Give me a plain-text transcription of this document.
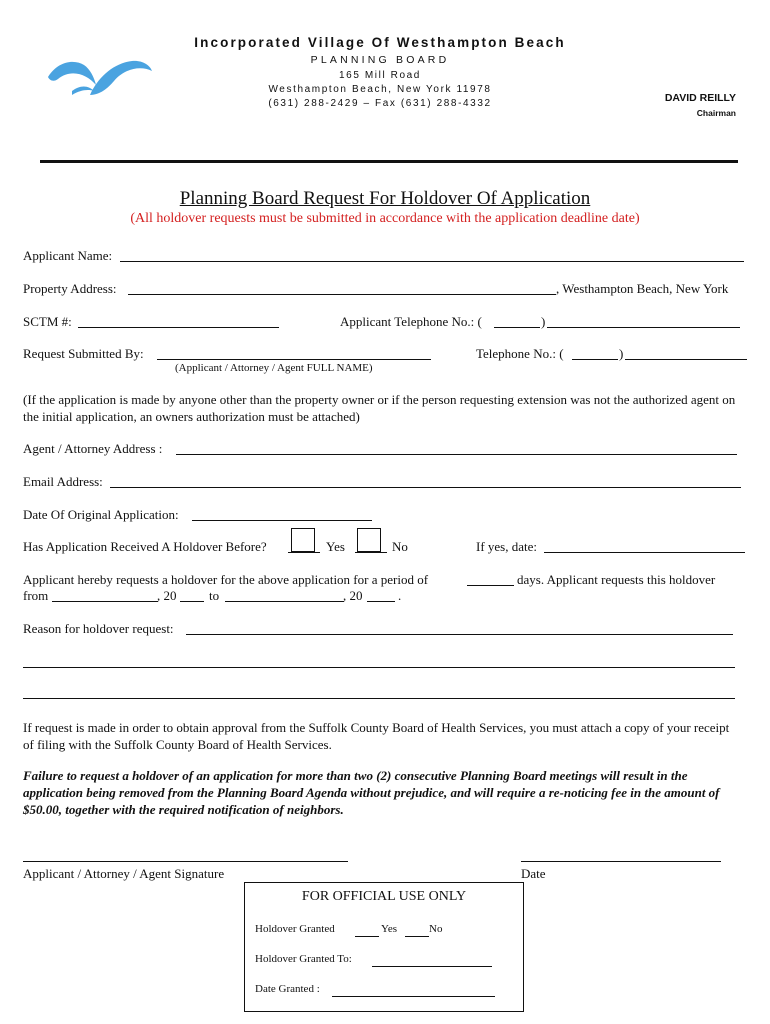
Incorporated Village Of Westhampton Beach
PLANNING BOARD
165 Mill Road
Westhampton Beach, New York 11978
(631) 288-2429 – Fax (631) 288-4332	DAVID REILLY
Chairman
Planning Board Request For Holdover Of Application
(All holdover requests must be submitted in accordance with the application deadline date)
Applicant Name:
Property Address:	, Westhampton Beach, New York
SCTM #:	Applicant Telephone No.: (	)
Request Submitted By:	Telephone No.: (	)
(Applicant / Attorney / Agent FULL NAME)
(If the application is made by anyone other than the property owner or if the person requesting extension was not the authorized agent on the initial application, an owners authorization must be attached)
Agent / Attorney Address :
Email Address:
Date Of Original Application:
Has Application Received A Holdover Before?	Yes	No	If yes, date:
Applicant hereby requests a holdover for the above application for a period of	days. Applicant requests this holdover
from	, 20	to	, 20	.
Reason for holdover request:
If request is made in order to obtain approval from the Suffolk County Board of Health Services, you must attach a copy of your receipt of filing with the Suffolk County Board of Health Services.
Failure to request a holdover of an application for more than two (2) consecutive Planning Board meetings will result in the application being removed from the Planning Board Agenda without prejudice, and will require a re-noticing fee in the amount of $50.00, together with the required notification of neighbors.
Applicant / Attorney / Agent Signature	Date
FOR OFFICIAL USE ONLY
Holdover Granted	Yes	No
Holdover Granted To:
Date Granted :
